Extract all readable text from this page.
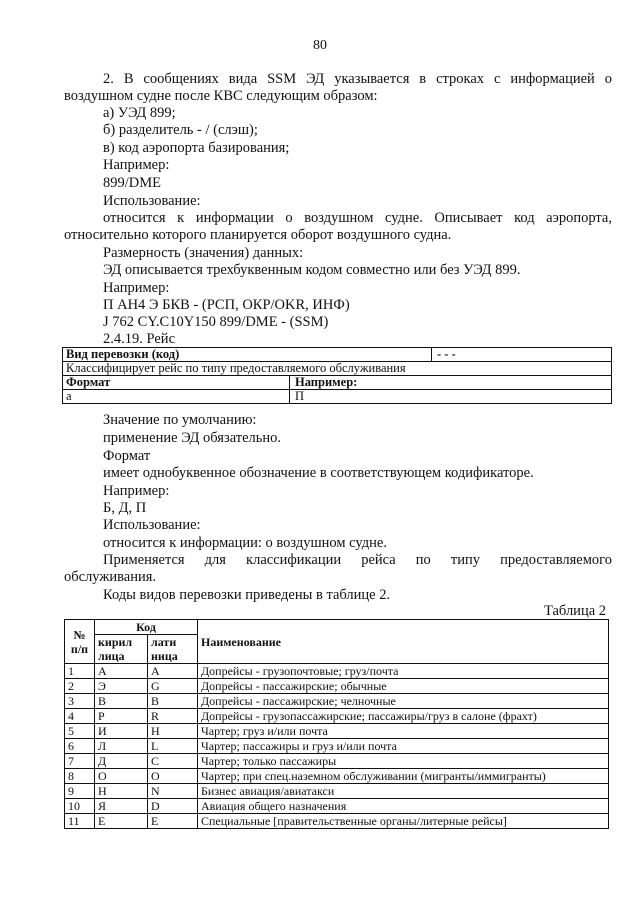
80
2. В сообщениях вида SSM ЭД указывается в строках с информацией о
воздушном судне после КВС следующим образом:
а) УЭД 899;
б) разделитель - / (слэш);
в) код аэропорта базирования;
Например:
899/DME
Использование:
относится к информации о воздушном судне. Описывает код аэропорта,
относительно которого планируется оборот воздушного судна.
Размерность (значения) данных:
ЭД описывается трехбуквенным кодом совместно или без УЭД 899.
Например:
П АН4 Э БКВ - (РСП, ОКР/OKR, ИНФ)
J 762 CY.C10Y150 899/DME - (SSM)
2.4.19. Рейс
Вид перевозки (код)	- - -
Классифицирует рейс по типу предоставляемого обслуживания
Формат	Например:
а	П
Значение по умолчанию:
применение ЭД обязательно.
Формат
имеет однобуквенное обозначение в соответствующем кодификаторе.
Например:
Б, Д, П
Использование:
относится к информации: о воздушном судне.
Применяется для классификации рейса по типу предоставляемого
обслуживания.
Коды видов перевозки приведены в таблице 2.
Таблица 2
№ п/п	Код		Наименование
	кирил лица	лати ница	
1	А	A	Допрейсы - грузопочтовые; груз/почта
2	Э	G	Допрейсы - пассажирские; обычные
3	В	B	Допрейсы - пассажирские; челночные
4	Р	R	Допрейсы - грузопассажирские; пассажиры/груз в салоне (фрахт)
5	И	H	Чартер; груз и/или почта
6	Л	L	Чартер; пассажиры и груз и/или почта
7	Д	C	Чартер; только пассажиры
8	О	O	Чартер; при спец.наземном обслуживании (мигранты/иммигранты)
9	Н	N	Бизнес авиация/авиатакси
10	Я	D	Авиация общего назначения
11	Е	E	Специальные [правительственные органы/литерные рейсы]
